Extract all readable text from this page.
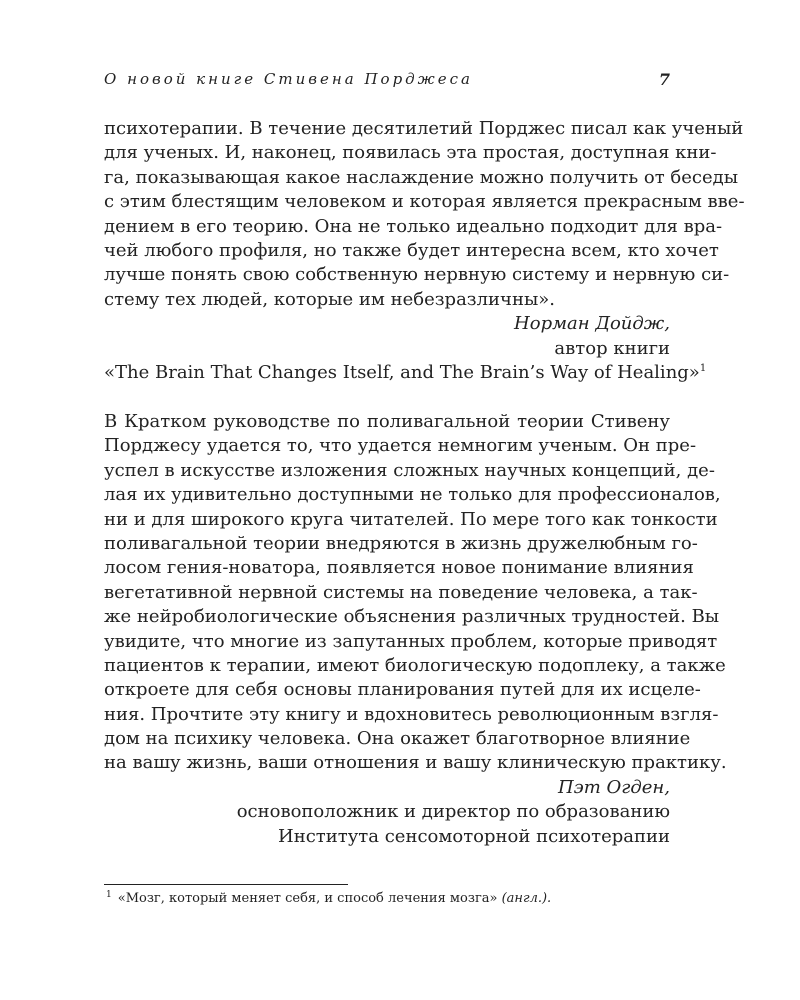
О новой книге Стивена Порджеса	7
психотерапии. В течение десятилетий Порджес писал как ученый
для ученых. И, наконец, появилась эта простая, доступная кни-
га, показывающая какое наслаждение можно получить от беседы
с этим блестящим человеком и которая является прекрасным вве-
дением в его теорию. Она не только идеально подходит для вра-
чей любого профиля, но также будет интересна всем, кто хочет
лучше понять свою собственную нервную систему и нервную си-
стему тех людей, которые им небезразличны».
Норман Дойдж,
автор книги
«The Brain That Changes Itself, and The Brain’s Way of Healing»$^1$
В Кратком руководстве по поливагальной теории Стивену
Порджесу удается то, что удается немногим ученым. Он пре-
успел в искусстве изложения сложных научных концепций, де-
лая их удивительно доступными не только для профессионалов,
ни и для широкого круга читателей. По мере того как тонкости
поливагальной теории внедряются в жизнь дружелюбным го-
лосом гения-новатора, появляется новое понимание влияния
вегетативной нервной системы на поведение человека, а так-
же нейробиологические объяснения различных трудностей. Вы
увидите, что многие из запутанных проблем, которые приводят
пациентов к терапии, имеют биологическую подоплеку, а также
откроете для себя основы планирования путей для их исцеле-
ния. Прочтите эту книгу и вдохновитесь революционным взгля-
дом на психику человека. Она окажет благотворное влияние
на вашу жизнь, ваши отношения и вашу клиническую практику.
Пэт Огден,
основоположник и директор по образованию
Института сенсомоторной психотерапии
$^1$ «Мозг, который меняет себя, и способ лечения мозга» (англ.).
